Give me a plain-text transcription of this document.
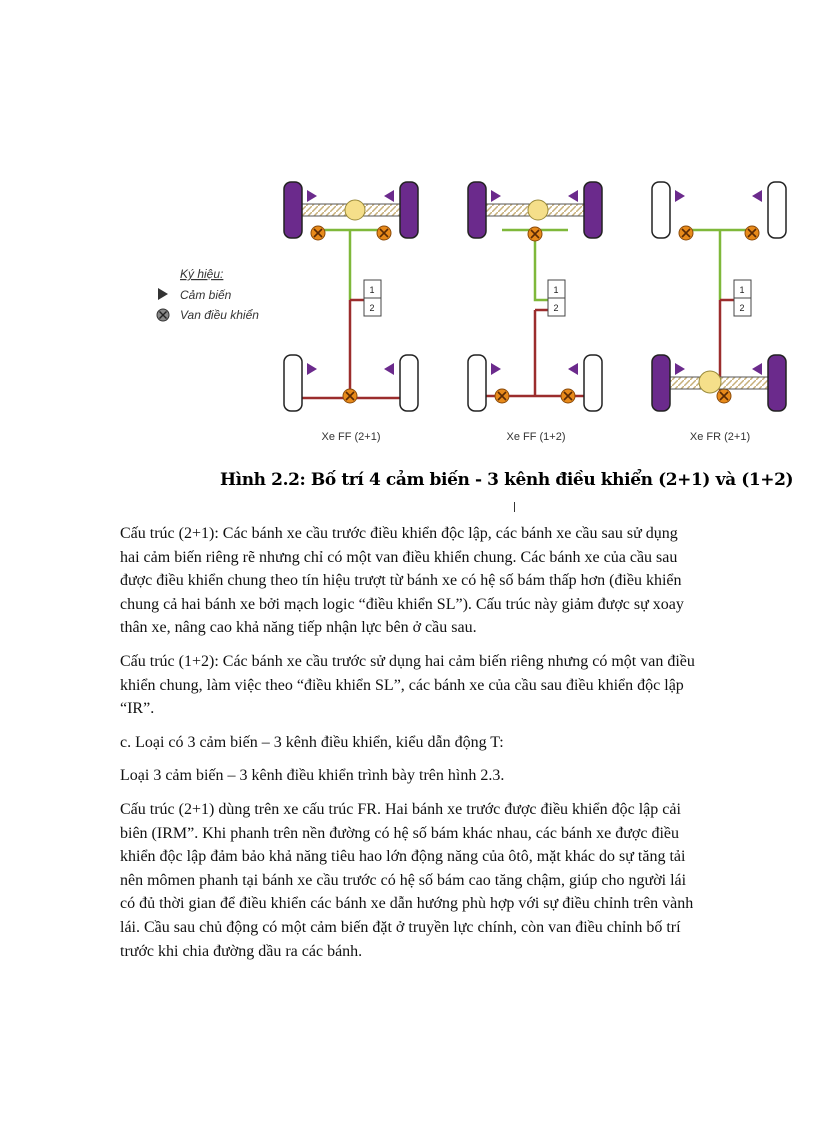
Ký hiệu:
Cảm biến
Van điều khiển
1
2
Xe FF (2+1)
1
2
Xe FF (1+2)
1
2
Xe FR (2+1)
Hình 2.2: Bố trí 4 cảm biến - 3 kênh điều khiển (2+1) và (1+2)

Cấu trúc (2+1): Các bánh xe cầu trước điều khiển độc lập, các bánh xe cầu sau sử dụng hai cảm biến riêng rẽ nhưng chỉ có một van điều khiển chung. Các bánh xe của cầu sau được điều khiển chung theo tín hiệu trượt từ bánh xe có hệ số bám thấp hơn (điều khiển chung cả hai bánh xe bởi mạch logic “điều khiển SL”). Cấu trúc này giảm được sự xoay thân xe, nâng cao khả năng tiếp nhận lực bên ở cầu sau.

Cấu trúc (1+2): Các bánh xe cầu trước sử dụng hai cảm biến riêng nhưng có một van điều khiển chung, làm việc theo “điều khiển SL”, các bánh xe của cầu sau điều khiển độc lập “IR”.

c. Loại có 3 cảm biến – 3 kênh điều khiển, kiểu dẫn động T:

Loại 3 cảm biến – 3 kênh điều khiển trình bày trên hình 2.3.

Cấu trúc (2+1) dùng trên xe cấu trúc FR. Hai bánh xe trước được điều khiển độc lập cải biên (IRM”. Khi phanh trên nền đường có hệ số bám khác nhau, các bánh xe được điều khiển độc lập đảm bảo khả năng tiêu hao lớn động năng của ôtô, mặt khác do sự tăng tải nên mômen phanh tại bánh xe cầu trước có hệ số bám cao tăng chậm, giúp cho người lái có đủ thời gian để điều khiển các bánh xe dẫn hướng phù hợp với sự điều chỉnh trên vành lái. Cầu sau chủ động có một cảm biến đặt ở truyền lực chính, còn van điều chỉnh bố trí trước khi chia đường dầu ra các bánh.
